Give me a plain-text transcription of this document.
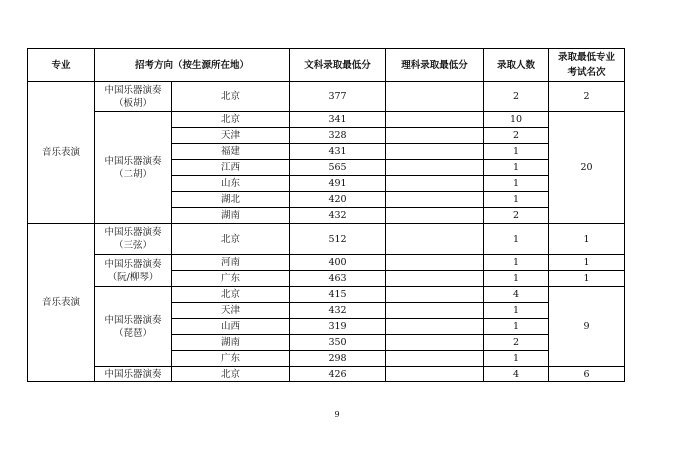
专业	招考方向（按生源所在地）		文科录取最低分	理科录取最低分	录取人数	录取最低专业
考试名次

音乐表演	中国乐器演奏
（板胡）	北京	377		2	2

	中国乐器演奏
（二胡）	北京	341		10	20
		天津	328		2	
		福建	431		1	
		江西	565		1	
		山东	491		1	
		湖北	420		1	
		湖南	432		2	
音乐表演	中国乐器演奏
（三弦）	北京	512		1	1

	中国乐器演奏
（阮/柳琴）	河南	400		1	1
		广东	463		1	1

	中国乐器演奏
（琵琶）	北京	415		4	9
		天津	432		1	
		山西	319		1	
		湖南	350		2	
		广东	298		1	

	中国乐器演奏	北京	426		4	6
9
